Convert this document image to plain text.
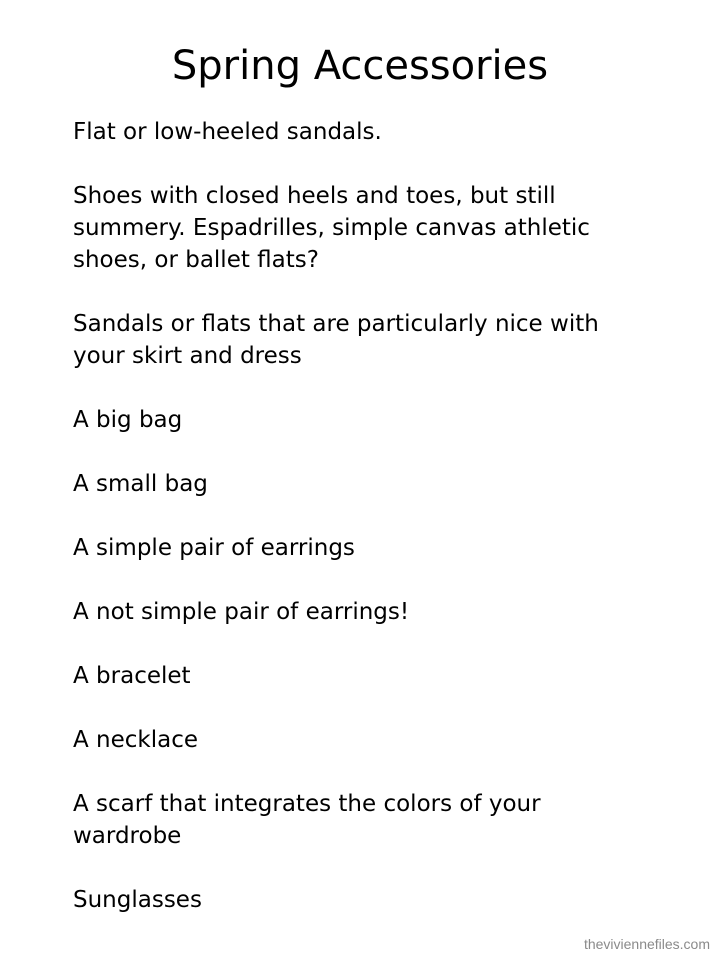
Spring Accessories
Flat or low-heeled sandals.
Shoes with closed heels and toes, but still
summery. Espadrilles, simple canvas athletic
shoes, or ballet flats?
Sandals or flats that are particularly nice with
your skirt and dress
A big bag
A small bag
A simple pair of earrings
A not simple pair of earrings!
A bracelet
A necklace
A scarf that integrates the colors of your
wardrobe
Sunglasses
theviviennefiles.com
